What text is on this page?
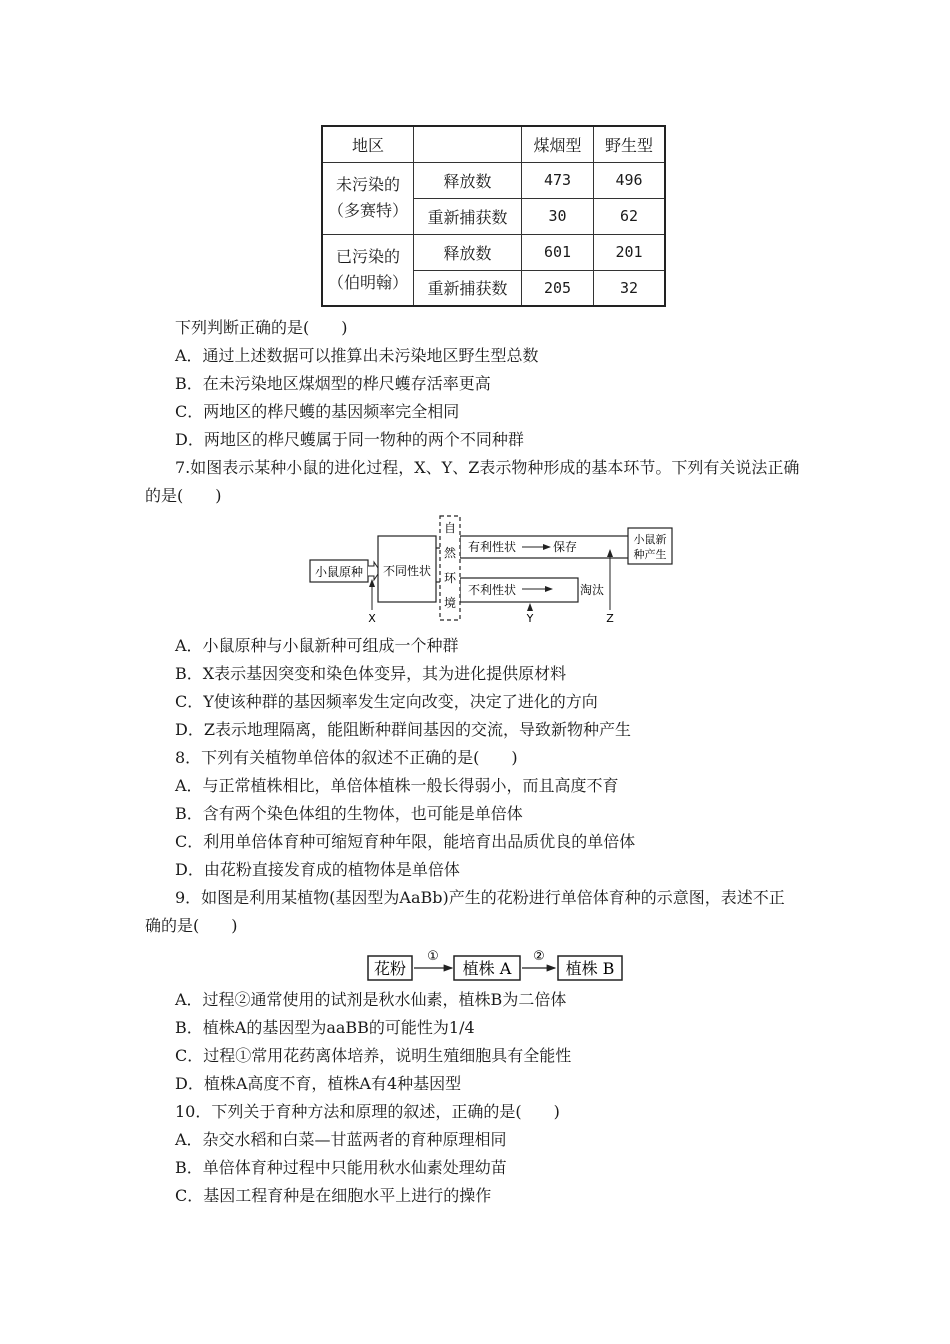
地区		煤烟型	野生型

未污染的
（多赛特）	释放数	473	496
	重新捕获数	30	62

已污染的
（伯明翰）	释放数	601	201
	重新捕获数	205	32
下列判断正确的是(　　)
A．通过上述数据可以推算出未污染地区野生型总数
B．在未污染地区煤烟型的桦尺蠖存活率更高
C．两地区的桦尺蠖的基因频率完全相同
D．两地区的桦尺蠖属于同一物种的两个不同种群
7.如图表示某种小鼠的进化过程，X、Y、Z表示物种形成的基本环节。下列有关说法正确
的是(　　)
小鼠原种 不同性状
有利性状	保存
不利性状	淘汰
自
然
环
境
小鼠新
种产生
X	Y	Z
A．小鼠原种与小鼠新种可组成一个种群
B．X表示基因突变和染色体变异，其为进化提供原材料
C．Y使该种群的基因频率发生定向改变，决定了进化的方向
D．Z表示地理隔离，能阻断种群间基因的交流，导致新物种产生
8．下列有关植物单倍体的叙述不正确的是(　　)
A．与正常植株相比，单倍体植株一般长得弱小，而且高度不育
B．含有两个染色体组的生物体，也可能是单倍体
C．利用单倍体育种可缩短育种年限，能培育出品质优良的单倍体
D．由花粉直接发育成的植物体是单倍体
9．如图是利用某植物(基因型为AaBb)产生的花粉进行单倍体育种的示意图，表述不正
确的是(　　)
花粉
①
植株 A
②
植株 B
A．过程②通常使用的试剂是秋水仙素，植株B为二倍体
B．植株A的基因型为aaBB的可能性为1/4
C．过程①常用花药离体培养，说明生殖细胞具有全能性
D．植株A高度不育，植株A有4种基因型
10．下列关于育种方法和原理的叙述，正确的是(　　)
A．杂交水稻和白菜—甘蓝两者的育种原理相同
B．单倍体育种过程中只能用秋水仙素处理幼苗
C．基因工程育种是在细胞水平上进行的操作
